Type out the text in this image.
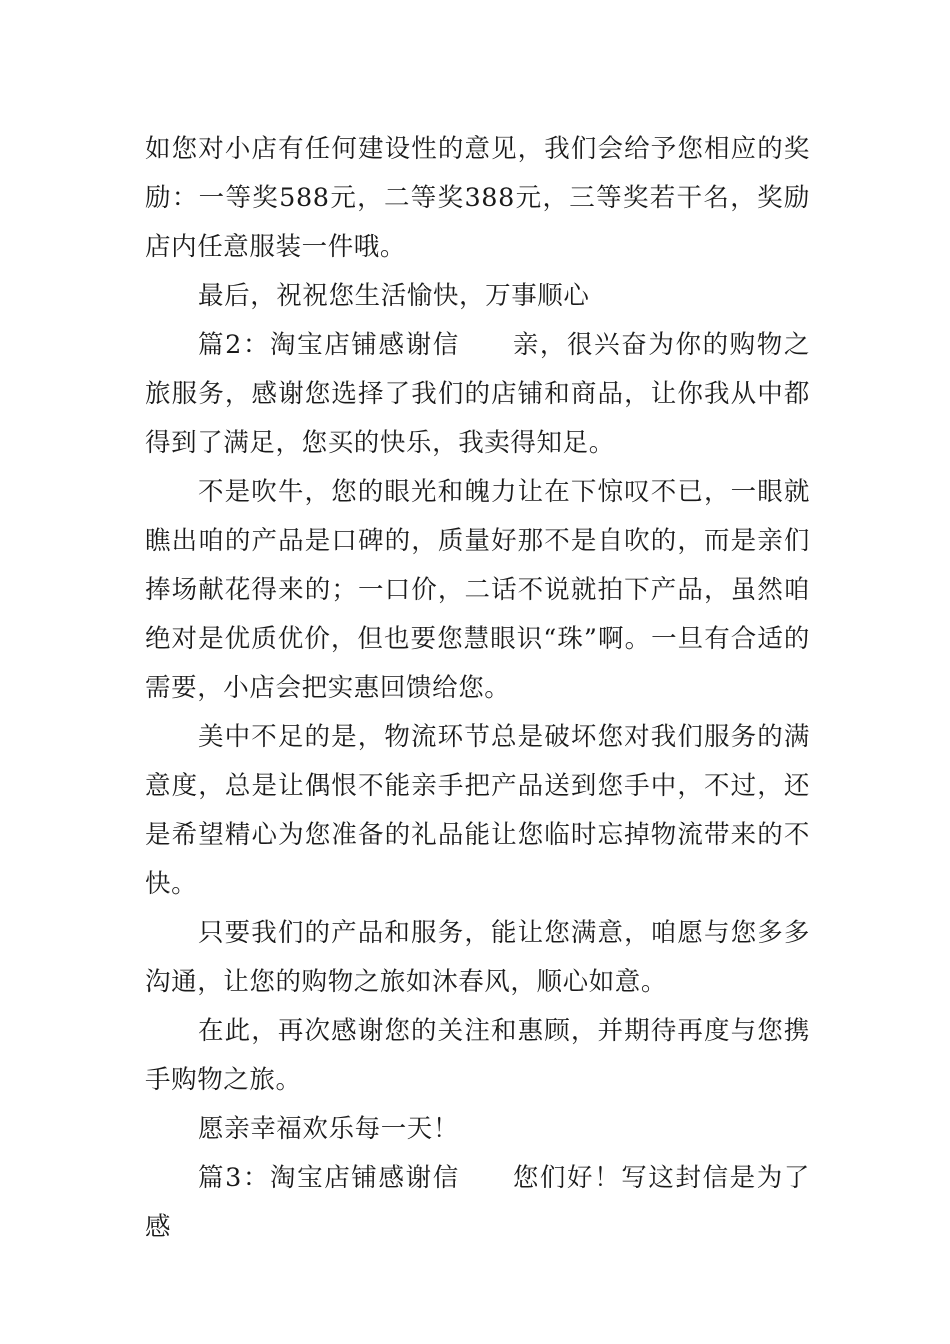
如您对小店有任何建设性的意见，我们会给予您相应的奖励：一等奖588元，二等奖388元，三等奖若干名，奖励店内任意服装一件哦。

最后，祝祝您生活愉快，万事顺心

篇2：淘宝店铺感谢信 亲，很兴奋为你的购物之旅服务，感谢您选择了我们的店铺和商品，让你我从中都得到了满足，您买的快乐，我卖得知足。

不是吹牛，您的眼光和魄力让在下惊叹不已，一眼就瞧出咱的产品是口碑的，质量好那不是自吹的，而是亲们捧场献花得来的；一口价，二话不说就拍下产品，虽然咱绝对是优质优价，但也要您慧眼识“珠”啊。一旦有合适的需要，小店会把实惠回馈给您。

美中不足的是，物流环节总是破坏您对我们服务的满意度，总是让偶恨不能亲手把产品送到您手中，不过，还是希望精心为您准备的礼品能让您临时忘掉物流带来的不快。

只要我们的产品和服务，能让您满意，咱愿与您多多沟通，让您的购物之旅如沐春风，顺心如意。

在此，再次感谢您的关注和惠顾，并期待再度与您携手购物之旅。

愿亲幸福欢乐每一天！

篇3：淘宝店铺感谢信 您们好！写这封信是为了感
